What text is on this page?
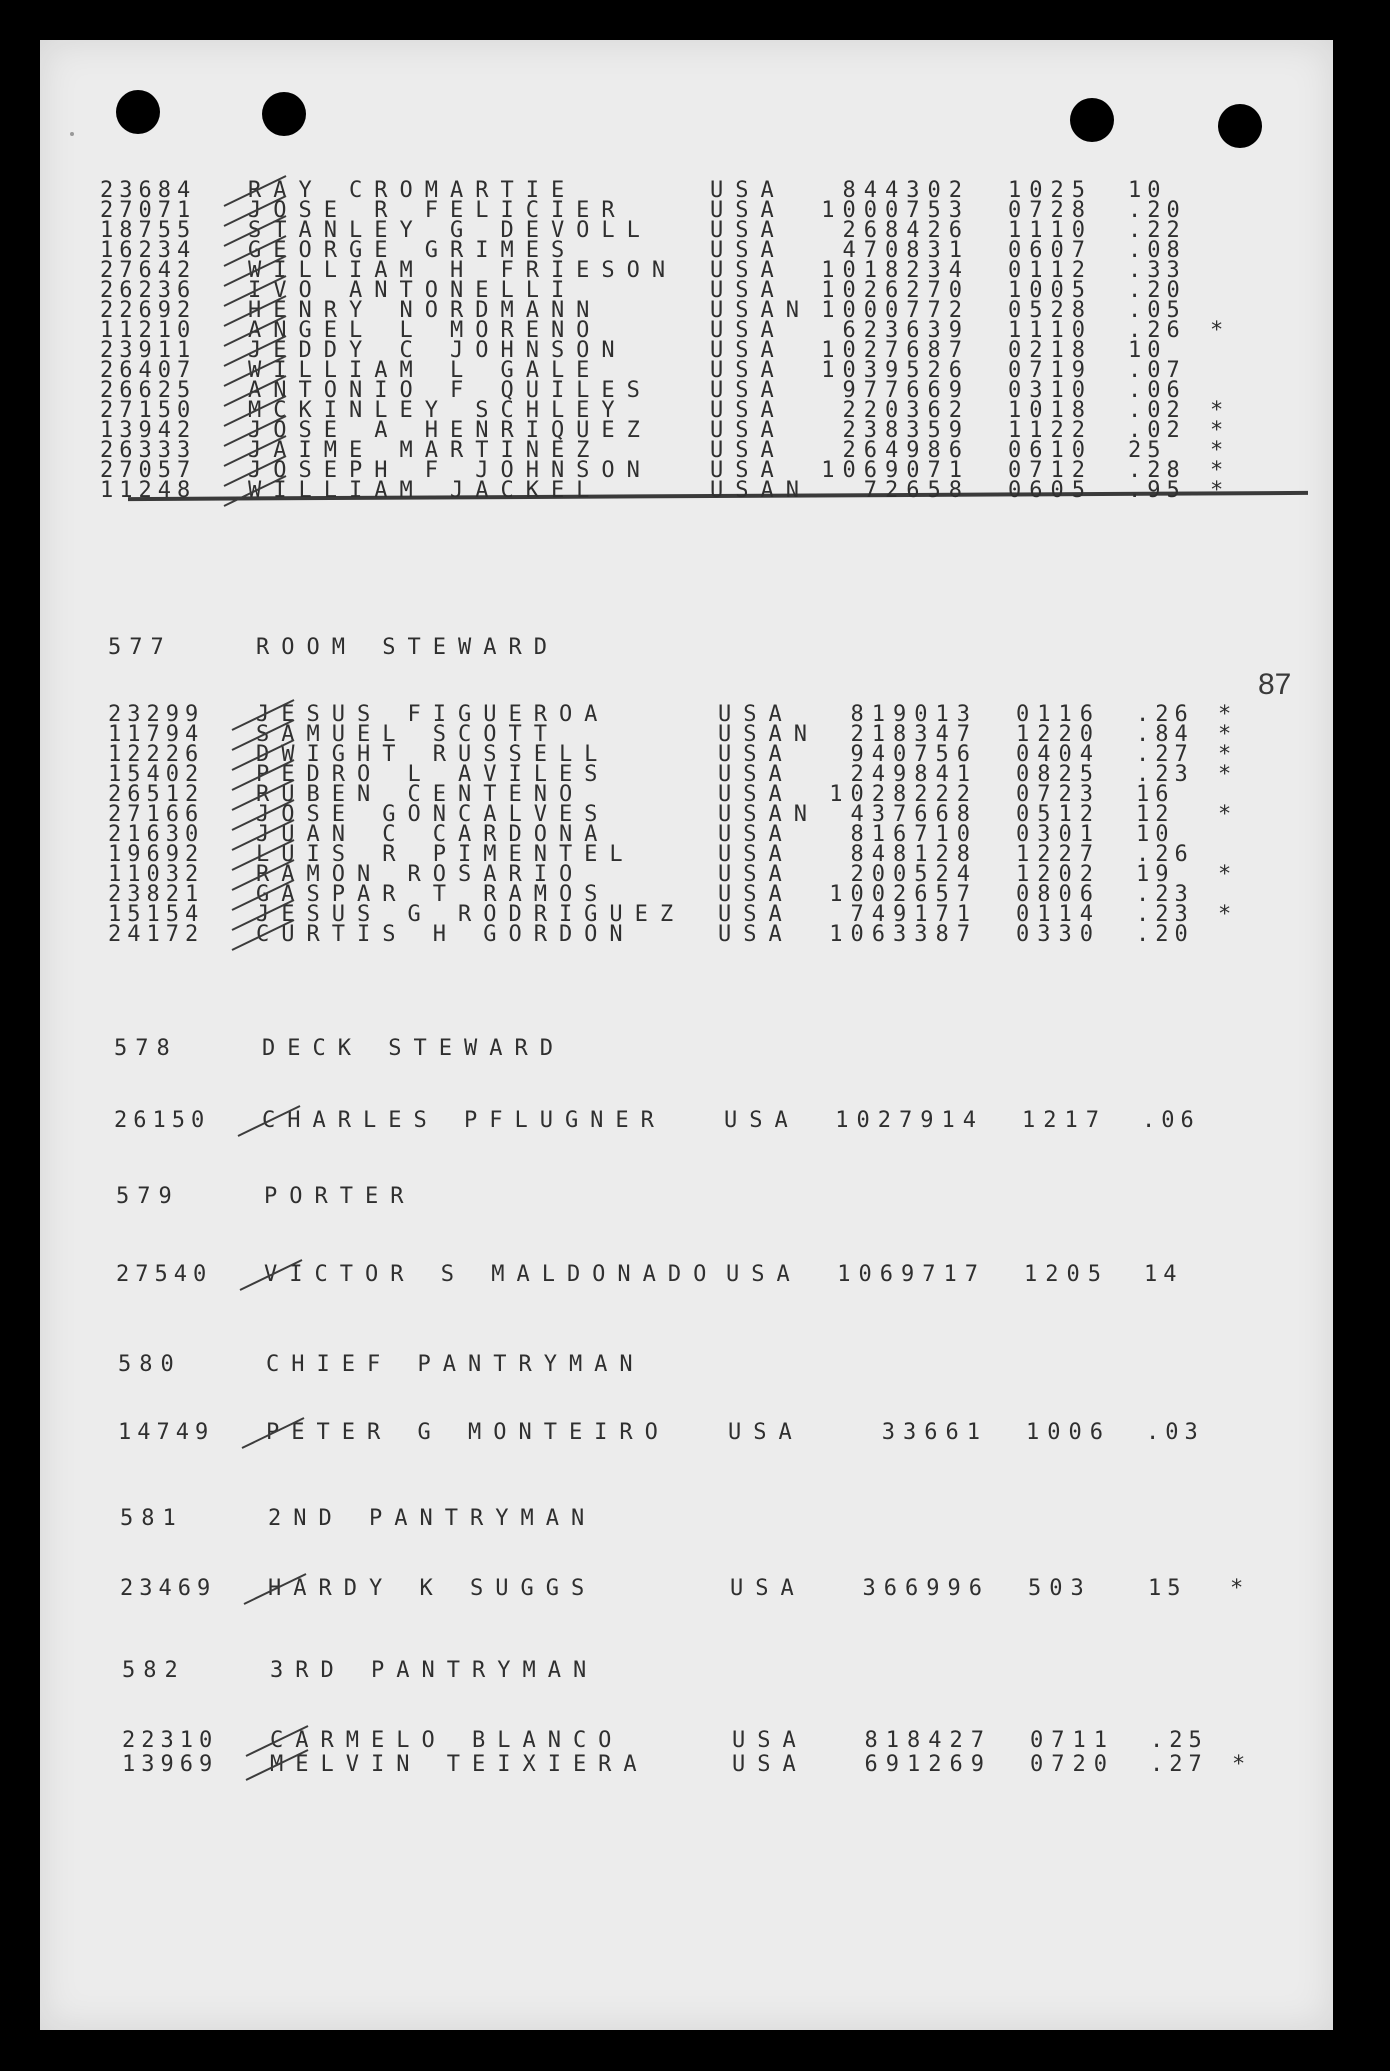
87
23684 RAY CROMARTIE	USA	844302 1025 10
27071 JOSE R FELICIER	USA	1000753 0728 .20
18755 STANLEY G DEVOLL	USA	268426 1110 .22
16234 GEORGE GRIMES	USA	470831 0607 .08
27642 WILLIAM H FRIESON USA	1018234 0112 .33
26236 IVO ANTONELLI	USA	1026270 1005 .20
22692 HENRY NORDMANN	USAN 1000772 0528 .05
11210 ANGEL L MORENO	USA	623639 1110 .26 *
23911 JEDDY C JOHNSON	USA	1027687 0218 10
26407 WILLIAM L GALE	USA	1039526 0719 .07
26625 ANTONIO F QUILES	USA	977669 0310 .06
27150 MCKINLEY SCHLEY	USA	220362 1018 .02 *
13942 JOSE A HENRIQUEZ	USA	238359 1122 .02 *
26333 JAIME MARTINEZ	USA	264986 0610 25 *
27057 JOSEPH F JOHNSON	USA	1069071 0712 .28 *
11248 WILLIAM JACKEL	USAN	72658 0605 .95 *
577	ROOM STEWARD
23299 JESUS FIGUEROA	USA	819013 0116 .26 *
11794 SAMUEL SCOTT	USAN	218347 1220 .84 *
12226 DWIGHT RUSSELL	USA	940756 0404 .27 *
15402 PEDRO L AVILES	USA	249841 0825 .23 *
26512 RUBEN CENTENO	USA	1028222 0723 16
27166 JOSE GONCALVES	USAN	437668 0512 12 *
21630 JUAN C CARDONA	USA	816710 0301 10
19692 LUIS R PIMENTEL	USA	848128 1227 .26
11032 RAMON ROSARIO	USA	200524 1202 19 *
23821 GASPAR T RAMOS	USA	1002657 0806 .23
15154 JESUS G RODRIGUEZ USA	749171 0114 .23 *
24172 CURTIS H GORDON	USA	1063387 0330 .20
578	DECK STEWARD
26150 CHARLES PFLUGNER	USA	1027914 1217 .06
579	PORTER
27540 VICTOR S MALDONADO USA	1069717 1205 14
580	CHIEF PANTRYMAN
14749 PETER G MONTEIRO	USA	33661 1006 .03
581	2ND PANTRYMAN
23469 HARDY K SUGGS	USA	366996 503	15 *
582	3RD PANTRYMAN
22310 CARMELO BLANCO	USA	818427 0711 .25
13969 MELVIN TEIXIERA	USA	691269 0720 .27 *
